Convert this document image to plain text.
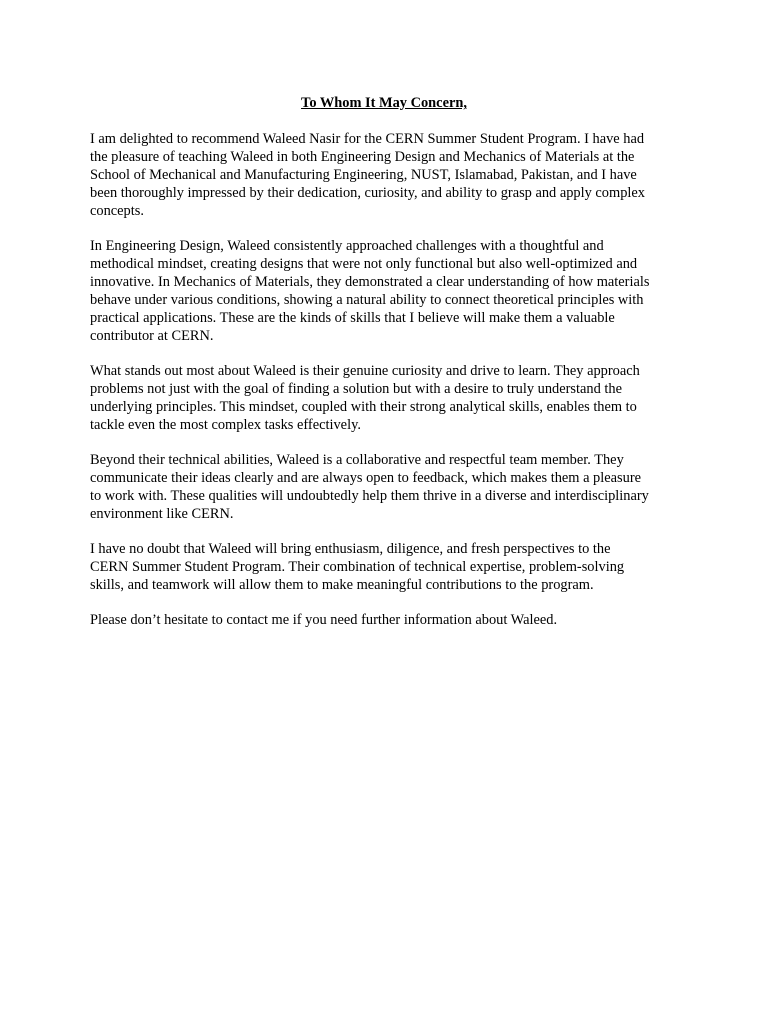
To Whom It May Concern,
I am delighted to recommend Waleed Nasir for the CERN Summer Student Program. I have had
the pleasure of teaching Waleed in both Engineering Design and Mechanics of Materials at the
School of Mechanical and Manufacturing Engineering, NUST, Islamabad, Pakistan, and I have
been thoroughly impressed by their dedication, curiosity, and ability to grasp and apply complex
concepts.
In Engineering Design, Waleed consistently approached challenges with a thoughtful and
methodical mindset, creating designs that were not only functional but also well-optimized and
innovative. In Mechanics of Materials, they demonstrated a clear understanding of how materials
behave under various conditions, showing a natural ability to connect theoretical principles with
practical applications. These are the kinds of skills that I believe will make them a valuable
contributor at CERN.
What stands out most about Waleed is their genuine curiosity and drive to learn. They approach
problems not just with the goal of finding a solution but with a desire to truly understand the
underlying principles. This mindset, coupled with their strong analytical skills, enables them to
tackle even the most complex tasks effectively.
Beyond their technical abilities, Waleed is a collaborative and respectful team member. They
communicate their ideas clearly and are always open to feedback, which makes them a pleasure
to work with. These qualities will undoubtedly help them thrive in a diverse and interdisciplinary
environment like CERN.
I have no doubt that Waleed will bring enthusiasm, diligence, and fresh perspectives to the
CERN Summer Student Program. Their combination of technical expertise, problem-solving
skills, and teamwork will allow them to make meaningful contributions to the program.
Please don’t hesitate to contact me if you need further information about Waleed.
